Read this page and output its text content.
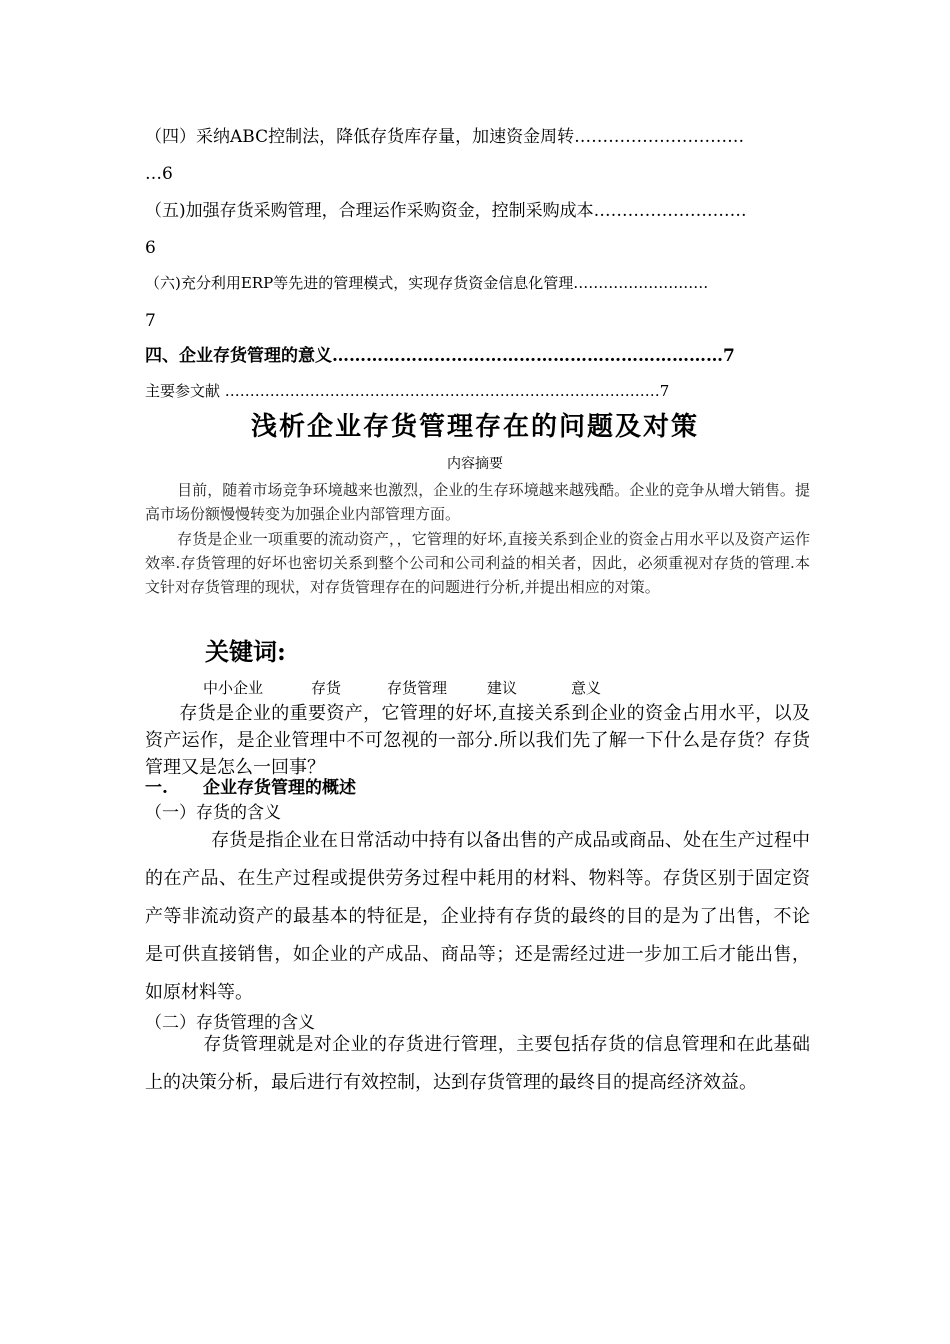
（四）采纳ABC控制法，降低存货库存量，加速资金周转…………………………
…6
（五)加强存货采购管理，合理运作采购资金，控制采购成本………………………
6
（六)充分利用ERP等先进的管理模式，实现存货资金信息化管理………………………
7
四、企业存货管理的意义……………………………………………………………7
主要参文献 ……………………………………………………………………………7
浅析企业存货管理存在的问题及对策
内容摘要
目前，随着市场竞争环境越来也激烈，企业的生存环境越来越残酷。企业的竞争从增大销售。提高市场份额慢慢转变为加强企业内部管理方面。
存货是企业一项重要的流动资产，，它管理的好坏,直接关系到企业的资金占用水平以及资产运作效率.存货管理的好坏也密切关系到整个公司和公司利益的相关者，因此，必须重视对存货的管理.本文针对存货管理的现状，对存货管理存在的问题进行分析,并提出相应的对策。
关键词:
中小企业	存货	存货管理	建议	意义
存货是企业的重要资产，它管理的好坏,直接关系到企业的资金占用水平，以及资产运作，是企业管理中不可忽视的一部分.所以我们先了解一下什么是存货？存货管理又是怎么一回事？
一. 企业存货管理的概述
（一）存货的含义
存货是指企业在日常活动中持有以备出售的产成品或商品、处在生产过程中的在产品、在生产过程或提供劳务过程中耗用的材料、物料等。存货区别于固定资产等非流动资产的最基本的特征是，企业持有存货的最终的目的是为了出售，不论是可供直接销售，如企业的产成品、商品等；还是需经过进一步加工后才能出售，如原材料等。
（二）存货管理的含义
存货管理就是对企业的存货进行管理，主要包括存货的信息管理和在此基础上的决策分析，最后进行有效控制，达到存货管理的最终目的提高经济效益。
